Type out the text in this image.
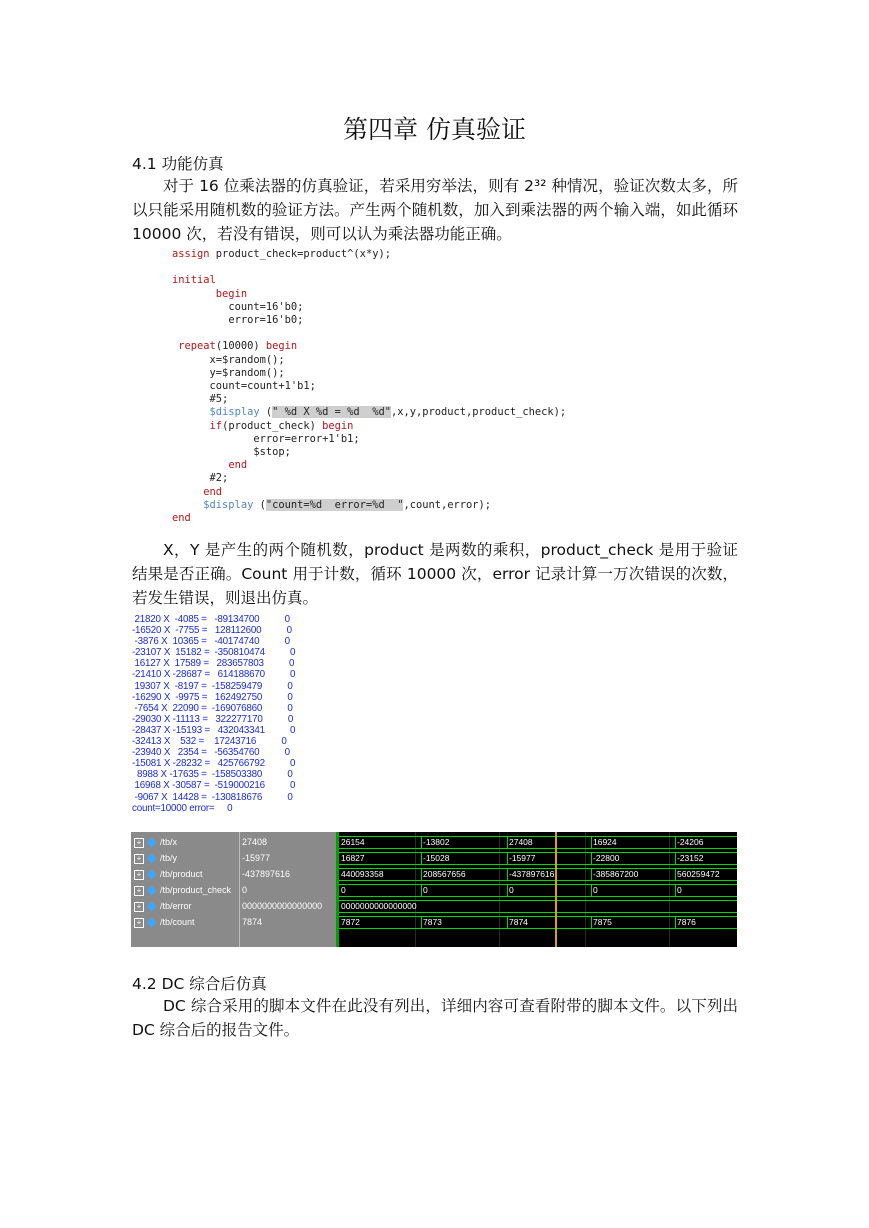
第四章 仿真验证
4.1 功能仿真

对于 16 位乘法器的仿真验证，若采用穷举法，则有 2³² 种情况，验证次数太多，所以只能采用随机数的验证方法。产生两个随机数，加入到乘法器的两个输入端，如此循环 10000 次，若没有错误，则可以认为乘法器功能正确。

assign product_check=product^(x*y);

initial
begin
count=16'b0;
error=16'b0;

repeat(10000) begin
x=$random();
y=$random();
count=count+1'b1;
#5;
$display (" %d X %d = %d  %d",x,y,product,product_check);
if(product_check) begin
error=error+1'b1;
$stop;
end
#2;
end
$display ("count=%d  error=%d  ",count,error);
end

X，Y 是产生的两个随机数，product 是两数的乘积，product_check 是用于验证结果是否正确。Count 用于计数，循环 10000 次，error 记录计算一万次错误的次数，若发生错误，则退出仿真。

21820 X  -4085 =   -89134700          0
-16520 X  -7755 =   128112600          0
-3876 X  10365 =   -40174740          0
-23107 X  15182 =  -350810474          0
16127 X  17589 =   283657803          0
-21410 X -28687 =   614188670          0
19307 X  -8197 =  -158259479          0
-16290 X  -9975 =   162492750          0
-7654 X  22090 =  -169076860          0
-29030 X -11113 =   322277170          0
-28437 X -15193 =   432043341          0
-32413 X    532 =    17243716          0
-23940 X   2354 =   -56354760          0
-15081 X -28232 =   425766792          0
8988 X -17635 =  -158503380          0
16968 X -30587 =  -519000216          0
-9067 X  14428 =  -130818676          0
count=10000 error=     0
+ /tb/x	27408	26154	-13802	27408	16924	-24206
+ /tb/y	-15977	16827	-15028	-15977	-22800	-23152
+ /tb/product	-437897616	440093358	208567656	-437897616	-385867200	560259472
+ /tb/product_check 0	0	0	0	0	0
+ /tb/error	0000000000000000 0000000000000000
+ /tb/count	7874	7872	7873	7874	7875	7876
4.2 DC 综合后仿真

DC 综合采用的脚本文件在此没有列出，详细内容可查看附带的脚本文件。以下列出 DC 综合后的报告文件。
